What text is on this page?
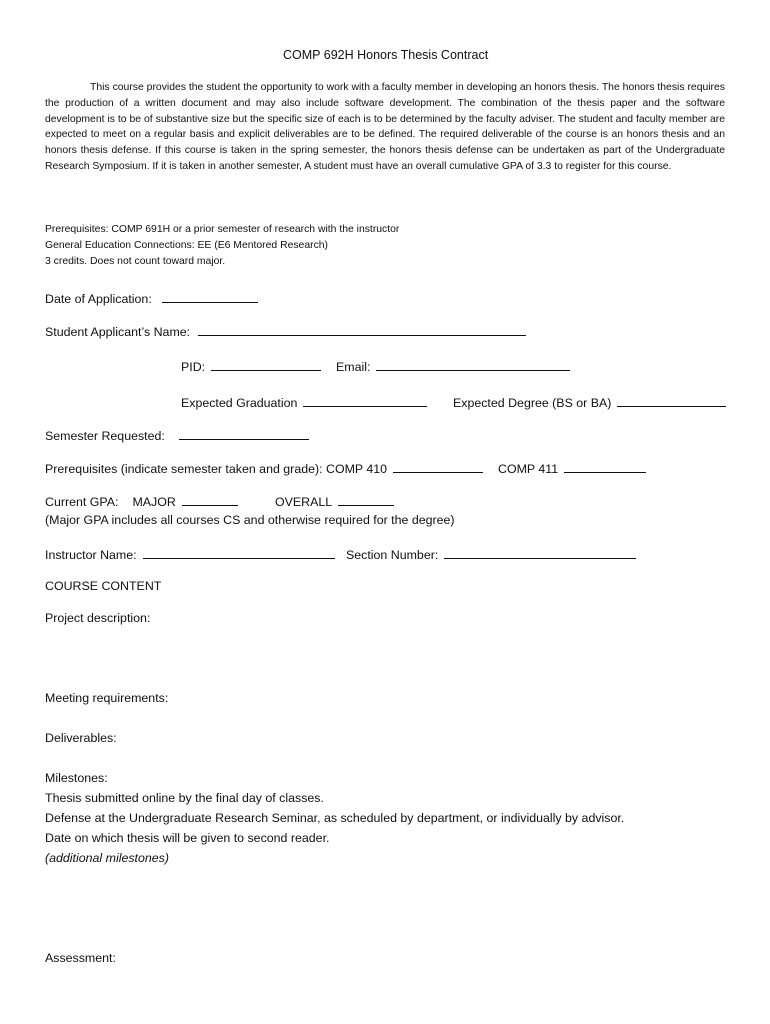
COMP 692H Honors Thesis Contract
This course provides the student the opportunity to work with a faculty member in developing an honors thesis. The honors thesis requires the production of a written document and may also include software development. The combination of the thesis paper and the software development is to be of substantive size but the specific size of each is to be determined by the faculty adviser. The student and faculty member are expected to meet on a regular basis and explicit deliverables are to be defined. The required deliverable of the course is an honors thesis and an honors thesis defense. If this course is taken in the spring semester, the honors thesis defense can be undertaken as part of the Undergraduate Research Symposium. If it is taken in another semester, A student must have an overall cumulative GPA of 3.3 to register for this course.
Prerequisites: COMP 691H or a prior semester of research with the instructor
General Education Connections: EE (E6 Mentored Research)
3 credits. Does not count toward major.
Date of Application:
Student Applicant’s Name:
PID:	Email:
Expected Graduation	Expected Degree (BS or BA)
Semester Requested:
Prerequisites (indicate semester taken and grade): COMP 410	COMP 411
Current GPA: MAJOR	OVERALL
(Major GPA includes all courses CS and otherwise required for the degree)
Instructor Name:	Section Number:
COURSE CONTENT
Project description:
Meeting requirements:
Deliverables:
Milestones:
Thesis submitted online by the final day of classes.
Defense at the Undergraduate Research Seminar, as scheduled by department, or individually by advisor.
Date on which thesis will be given to second reader.
(additional milestones)
Assessment:
